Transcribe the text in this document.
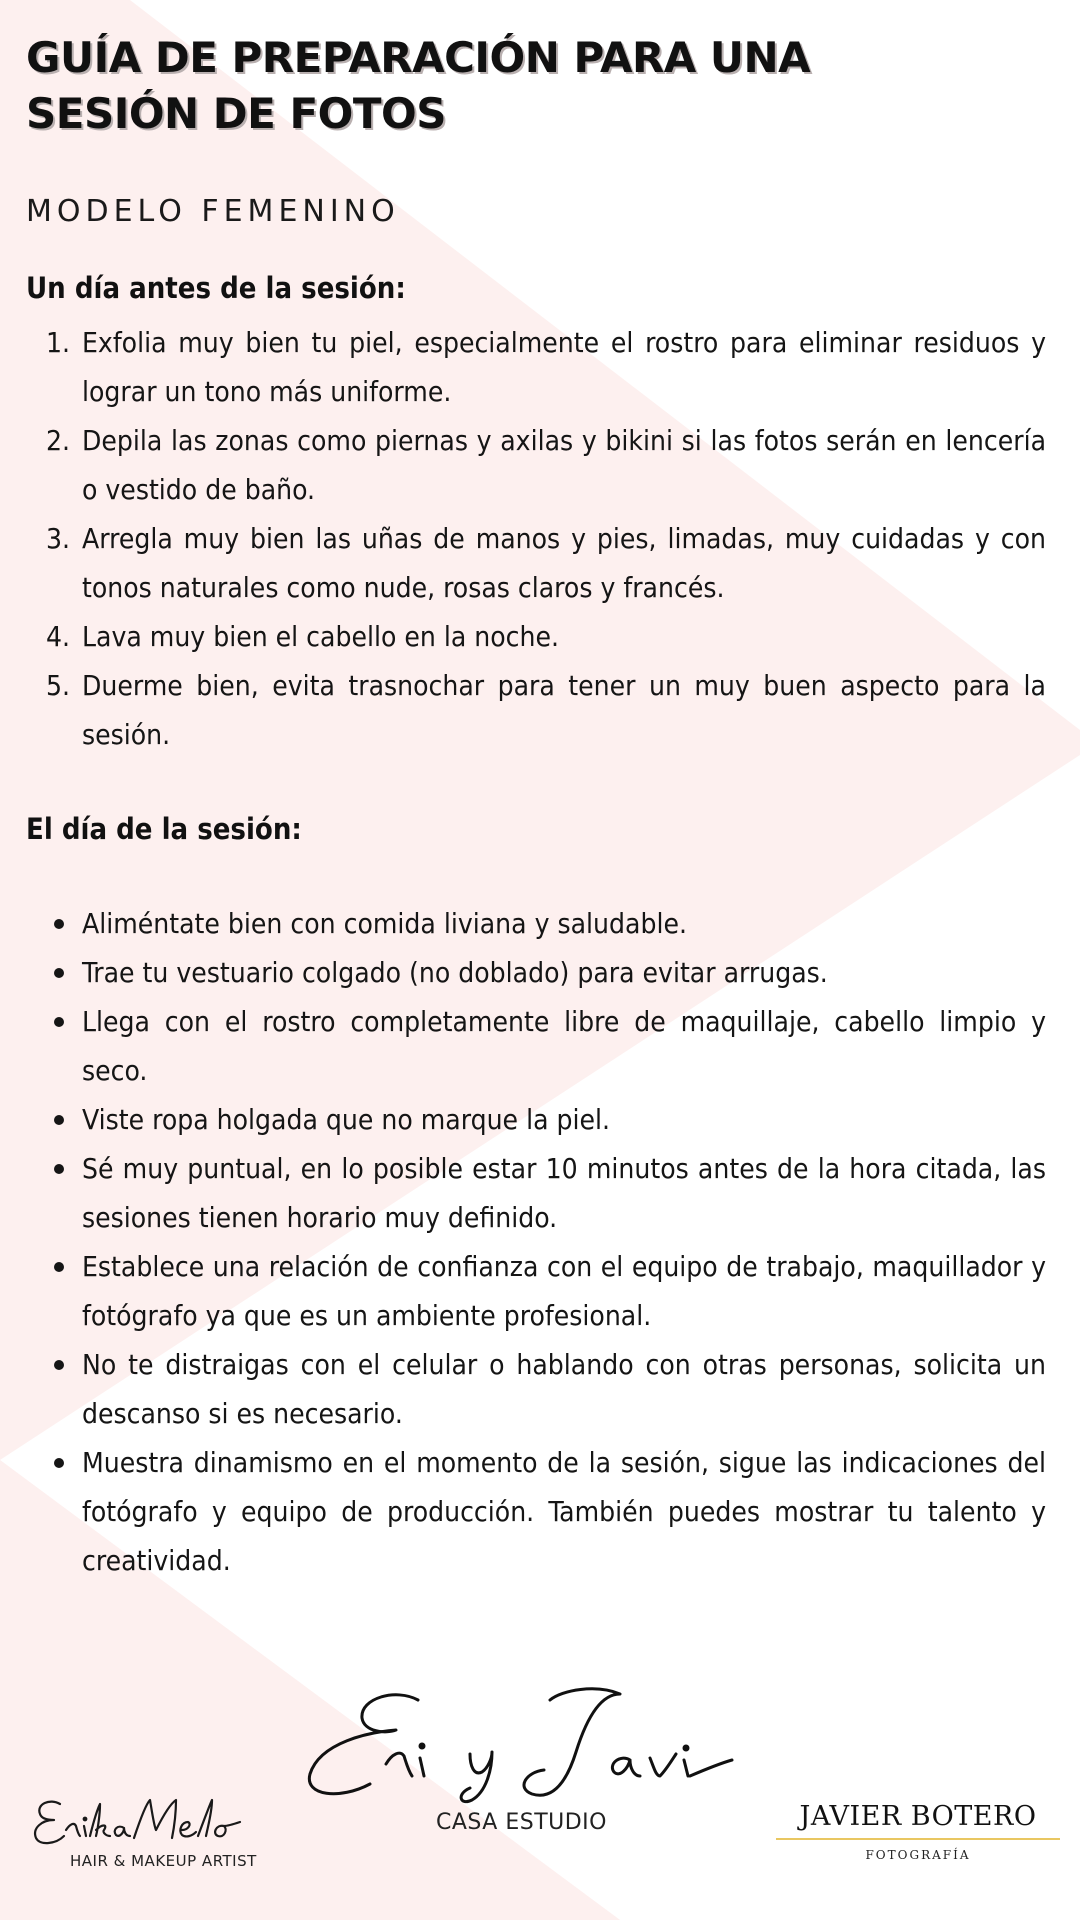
GUÍA DE PREPARACIÓN PARA UNA
SESIÓN DE FOTOS
MODELO FEMENINO
Un día antes de la sesión:
1. Exfolia muy bien tu piel, especialmente el rostro para eliminar residuos y lograr un tono más uniforme.
2. Depila las zonas como piernas y axilas y bikini si las fotos serán en lencería o vestido de baño.
3. Arregla muy bien las uñas de manos y pies, limadas, muy cuidadas y con tonos naturales como nude, rosas claros y francés.
4. Lava muy bien el cabello en la noche.
5. Duerme bien, evita trasnochar para tener un muy buen aspecto para la sesión.
El día de la sesión:
Aliméntate bien con comida liviana y saludable.
Trae tu vestuario colgado (no doblado) para evitar arrugas.
Llega con el rostro completamente libre de maquillaje, cabello limpio y seco.
Viste ropa holgada que no marque la piel.
Sé muy puntual, en lo posible estar 10 minutos antes de la hora citada, las sesiones tienen horario muy definido.
Establece una relación de confianza con el equipo de trabajo, maquillador y fotógrafo ya que es un ambiente profesional.
No te distraigas con el celular o hablando con otras personas, solicita un descanso si es necesario.
Muestra dinamismo en el momento de la sesión, sigue las indicaciones del fotógrafo y equipo de producción. También puedes mostrar tu talento y creatividad.
HAIR & MAKEUP ARTIST
CASA ESTUDIO	JAVIER BOTERO
FOTOGRAFÍA
